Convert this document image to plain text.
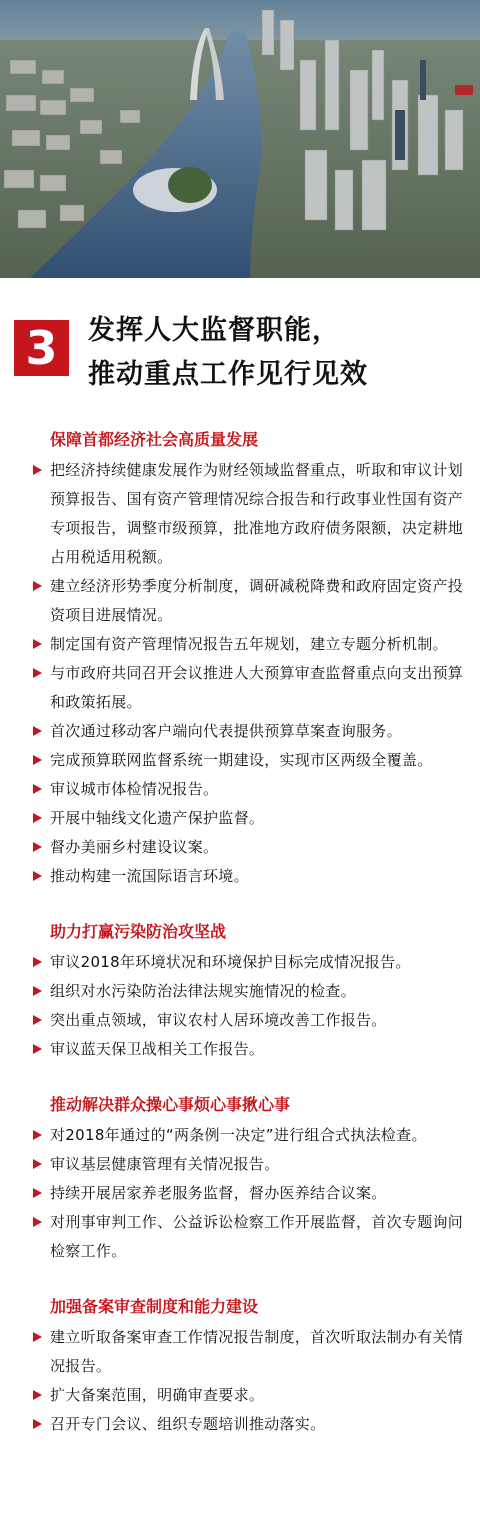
3	发挥人大监督职能，
推动重点工作见行见效
保障首都经济社会高质量发展
把经济持续健康发展作为财经领域监督重点，听取和审议计划预算报告、国有资产管理情况综合报告和行政事业性国有资产专项报告，调整市级预算，批准地方政府债务限额，决定耕地占用税适用税额。
建立经济形势季度分析制度，调研减税降费和政府固定资产投资项目进展情况。
制定国有资产管理情况报告五年规划，建立专题分析机制。
与市政府共同召开会议推进人大预算审查监督重点向支出预算和政策拓展。
首次通过移动客户端向代表提供预算草案查询服务。
完成预算联网监督系统一期建设，实现市区两级全覆盖。
审议城市体检情况报告。
开展中轴线文化遗产保护监督。
督办美丽乡村建设议案。
推动构建一流国际语言环境。
助力打赢污染防治攻坚战
审议2018年环境状况和环境保护目标完成情况报告。
组织对水污染防治法律法规实施情况的检查。
突出重点领域，审议农村人居环境改善工作报告。
审议蓝天保卫战相关工作报告。
推动解决群众操心事烦心事揪心事
对2018年通过的“两条例一决定”进行组合式执法检查。
审议基层健康管理有关情况报告。
持续开展居家养老服务监督，督办医养结合议案。
对刑事审判工作、公益诉讼检察工作开展监督，首次专题询问检察工作。
加强备案审查制度和能力建设
建立听取备案审查工作情况报告制度，首次听取法制办有关情况报告。
扩大备案范围，明确审查要求。
召开专门会议、组织专题培训推动落实。
